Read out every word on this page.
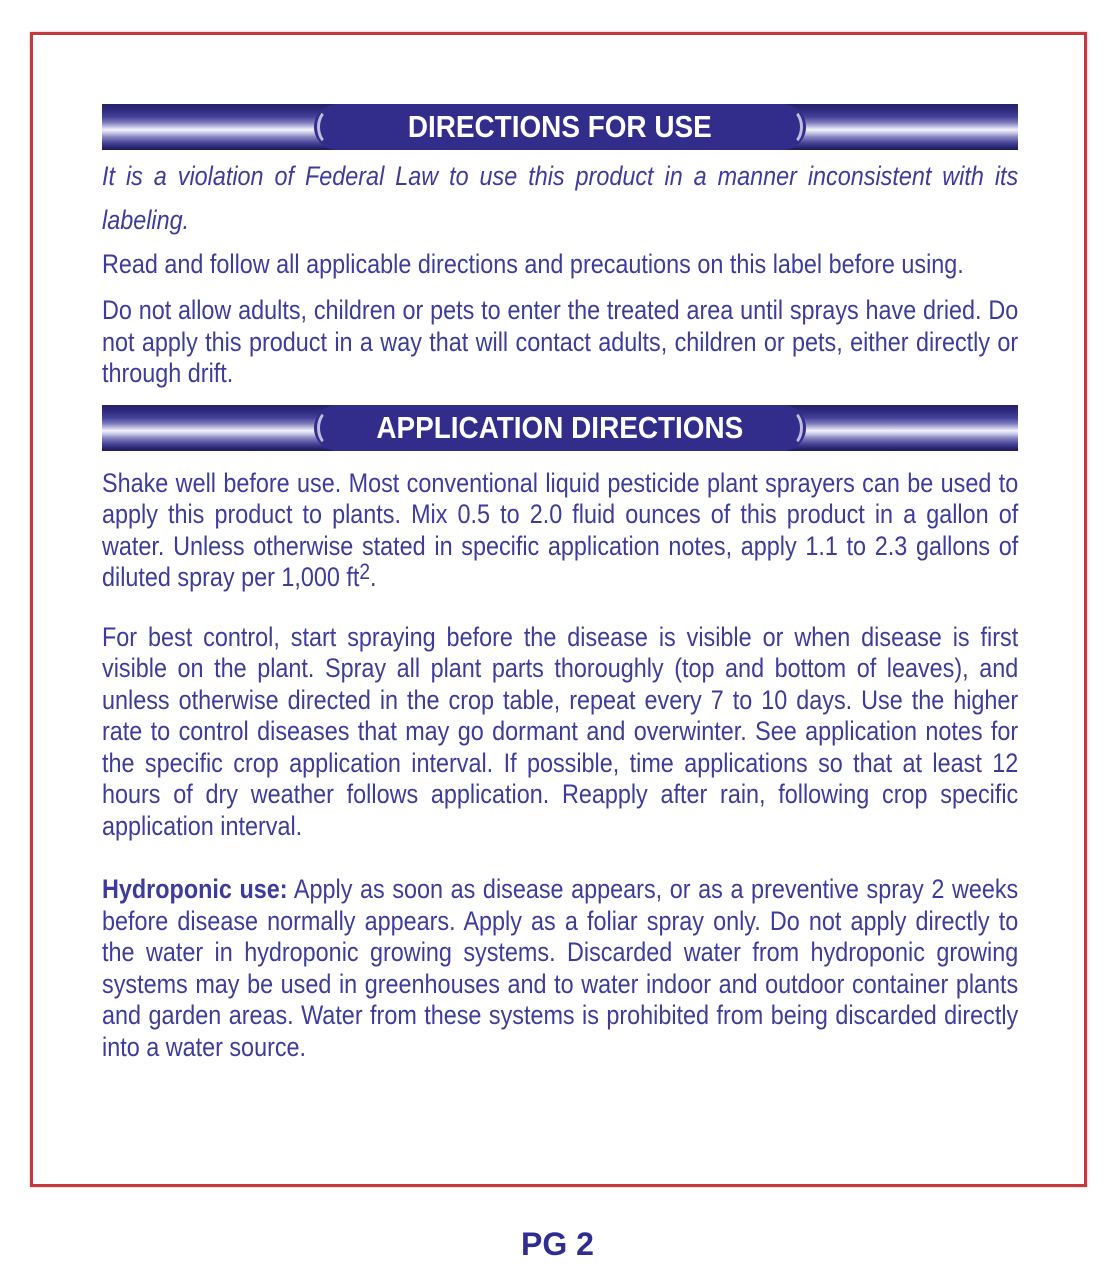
DIRECTIONS FOR USE

It is a violation of Federal Law to use this product in a manner inconsistent with its labeling.

Read and follow all applicable directions and precautions on this label before using.

Do not allow adults, children or pets to enter the treated area until sprays have dried. Do not apply this product in a way that will contact adults, children or pets, either directly or through drift.

APPLICATION DIRECTIONS

Shake well before use. Most conventional liquid pesticide plant sprayers can be used to apply this product to plants. Mix 0.5 to 2.0 fluid ounces of this product in a gallon of water. Unless otherwise stated in specific application notes, apply 1.1 to 2.3 gallons of diluted spray per 1,000 $ft^2$.

For best control, start spraying before the disease is visible or when disease is first visible on the plant. Spray all plant parts thoroughly (top and bottom of leaves), and unless otherwise directed in the crop table, repeat every 7 to 10 days. Use the higher rate to control diseases that may go dormant and overwinter. See application notes for the specific crop application interval. If possible, time applications so that at least 12 hours of dry weather follows application. Reapply after rain, following crop specific application interval.

Hydroponic use: Apply as soon as disease appears, or as a preventive spray 2 weeks before disease normally appears. Apply as a foliar spray only. Do not apply directly to the water in hydroponic growing systems. Discarded water from hydroponic growing systems may be used in greenhouses and to water indoor and outdoor container plants and garden areas. Water from these systems is prohibited from being discarded directly into a water source.

PG 2
